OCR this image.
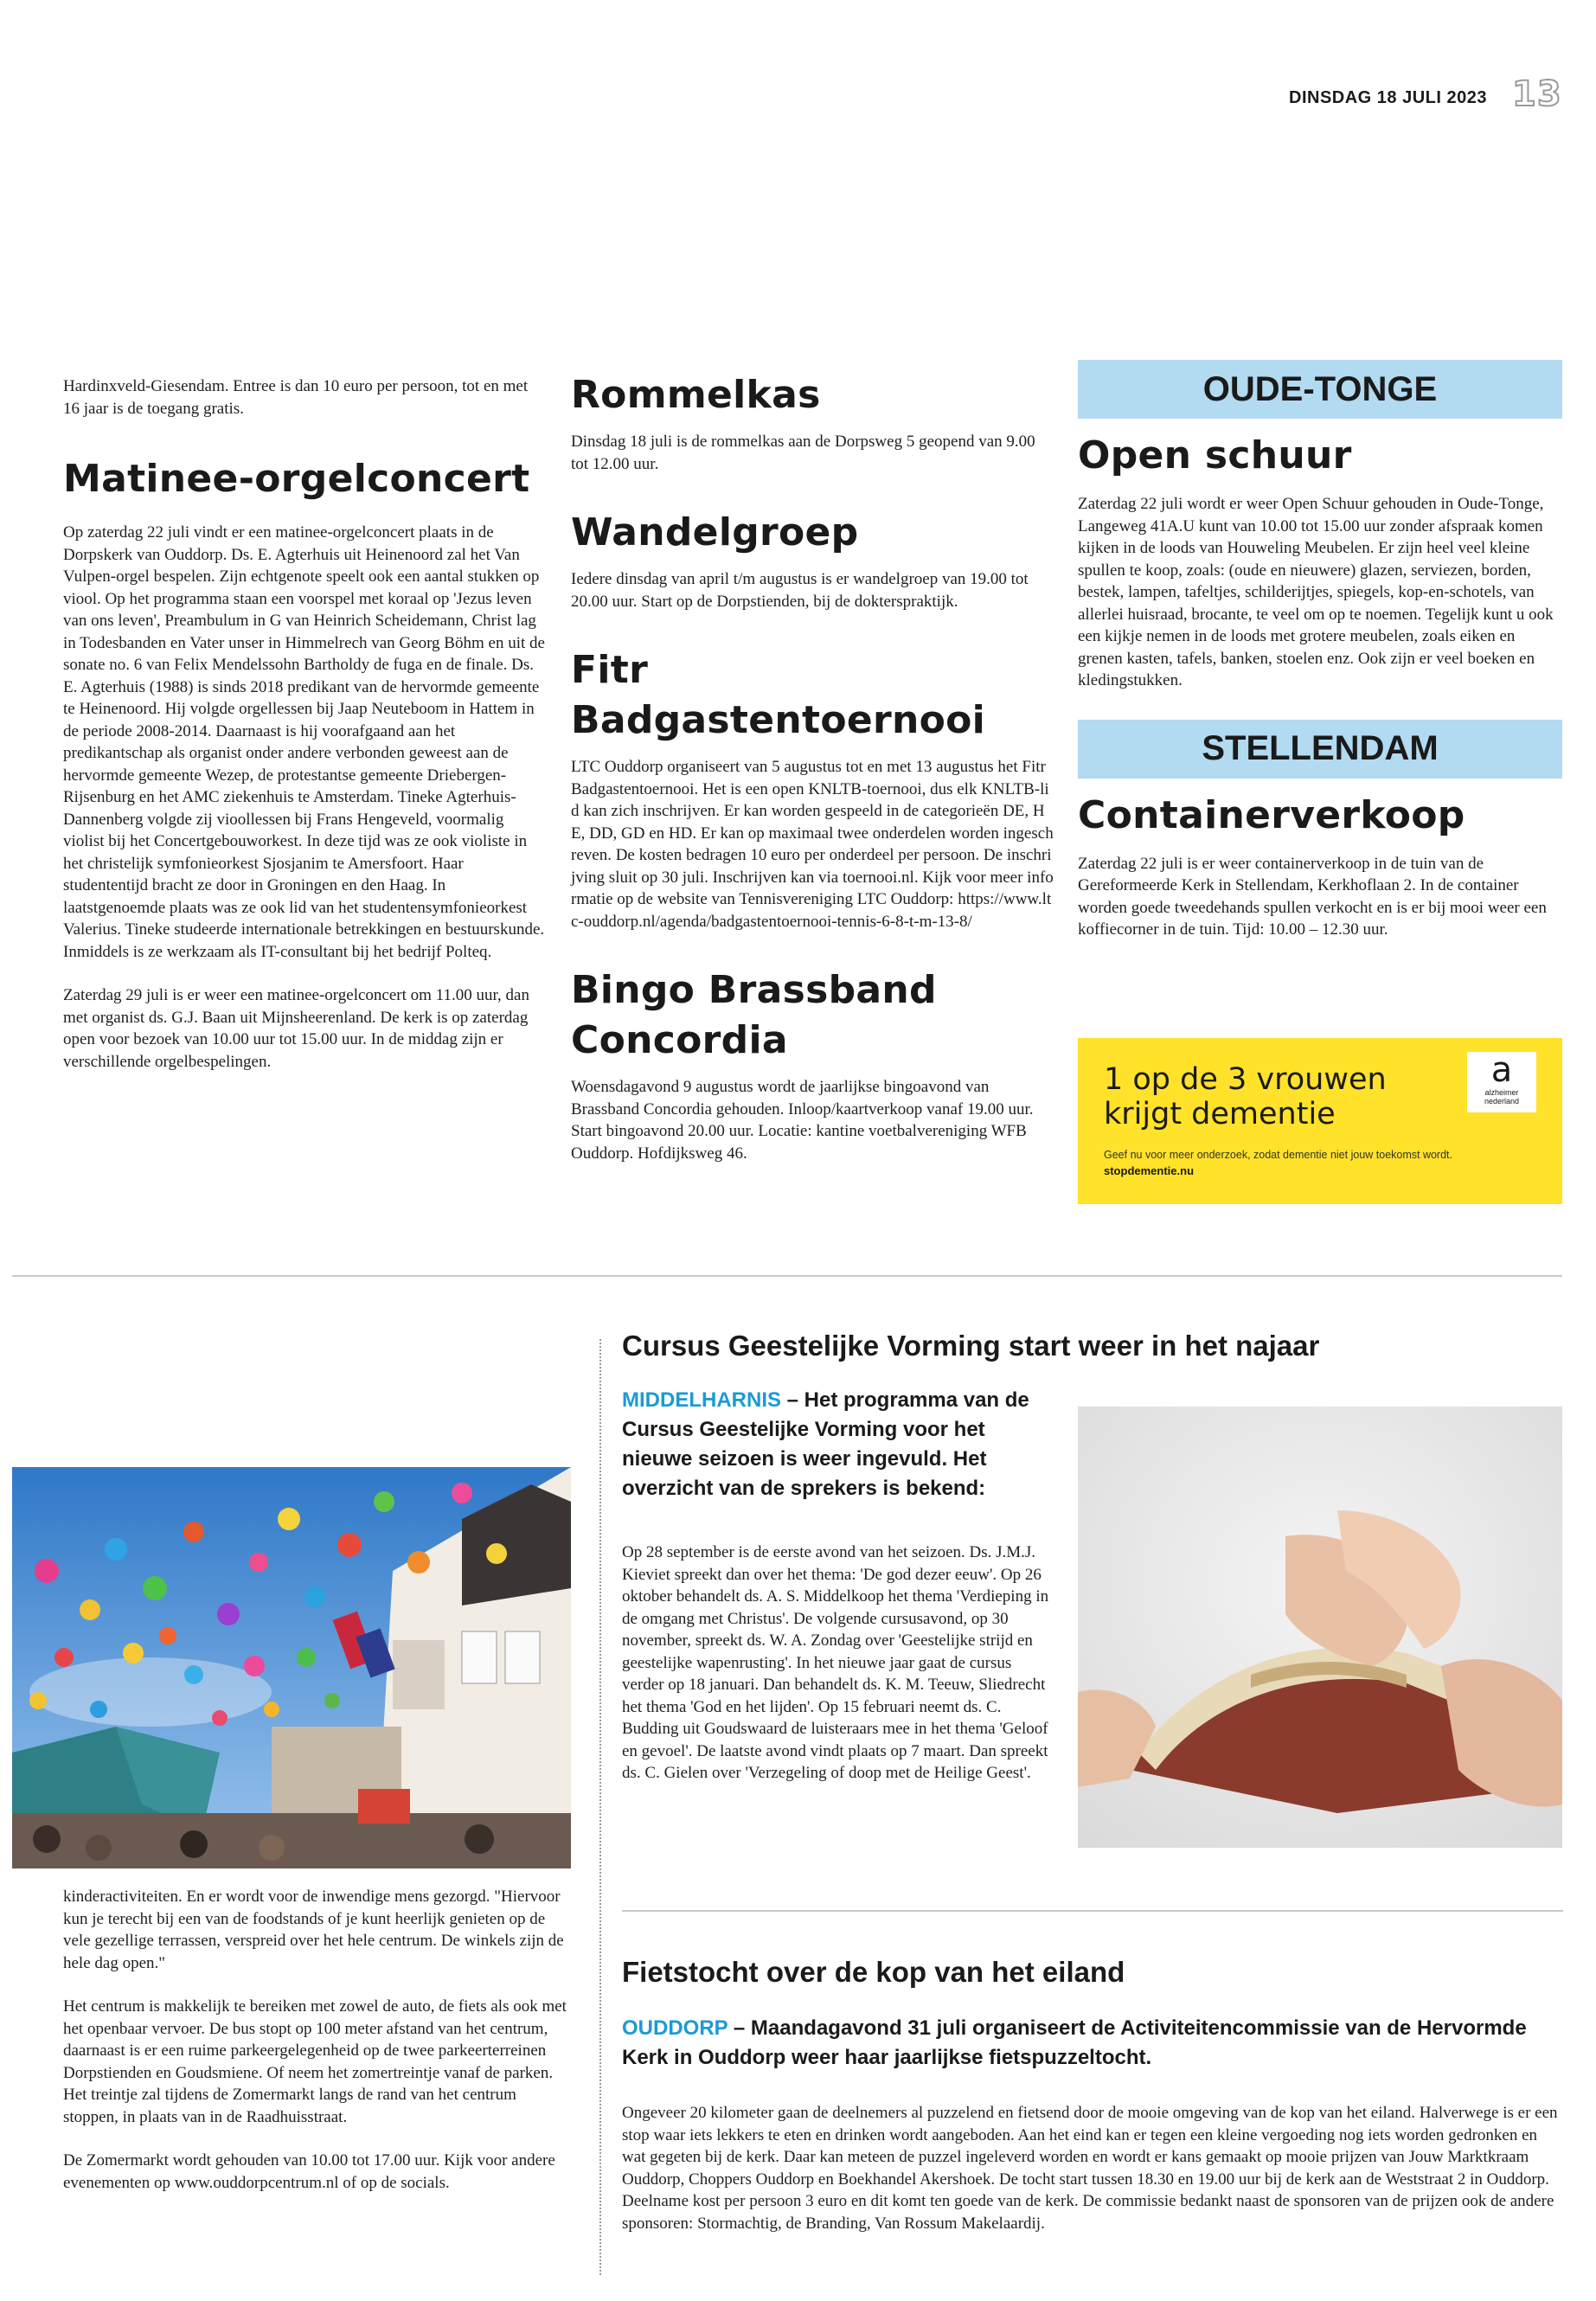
DINSDAG 18 JULI 2023 13

Hardinxveld-Giesendam. Entree is dan 10 euro per persoon, tot en met 16 jaar is de toegang gratis.

Matinee-orgelconcert

Op zaterdag 22 juli vindt er een matinee-orgelconcert plaats in de Dorpskerk van Ouddorp. Ds. E. Agterhuis uit Heinenoord zal het Van Vulpen-orgel bespelen. Zijn echtgenote speelt ook een aantal stukken op viool. Op het programma staan een voorspel met koraal op 'Jezus leven van ons leven', Preambulum in G van Heinrich Scheidemann, Christ lag in Todesbanden en Vater unser in Himmelrech van Georg Böhm en uit de sonate no. 6 van Felix Mendelssohn Bartholdy de fuga en de finale. Ds. E. Agterhuis (1988) is sinds 2018 predikant van de hervormde gemeente te Heinenoord. Hij volgde orgellessen bij Jaap Neuteboom in Hattem in de periode 2008-2014. Daarnaast is hij voorafgaand aan het predikantschap als organist onder andere verbonden geweest aan de hervormde gemeente Wezep, de protestantse gemeente Driebergen-Rijsenburg en het AMC ziekenhuis te Amsterdam. Tineke Agterhuis-Dannenberg volgde zij vioollessen bij Frans Hengeveld, voormalig violist bij het Concertgebouworkest. In deze tijd was ze ook violiste in het christelijk symfonieorkest Sjosjanim te Amersfoort. Haar studententijd bracht ze door in Groningen en den Haag. In laatstgenoemde plaats was ze ook lid van het studentensymfonieorkest Valerius. Tineke studeerde internationale betrekkingen en bestuurskunde. Inmiddels is ze werkzaam als IT-consultant bij het bedrijf Polteq.

Zaterdag 29 juli is er weer een matinee-orgelconcert om 11.00 uur, dan met organist ds. G.J. Baan uit Mijnsheerenland. De kerk is op zaterdag open voor bezoek van 10.00 uur tot 15.00 uur. In de middag zijn er verschillende orgelbespelingen.

Rommelkas

Dinsdag 18 juli is de rommelkas aan de Dorpsweg 5 geopend van 9.00 tot 12.00 uur.

Wandelgroep

Iedere dinsdag van april t/m augustus is er wandelgroep van 19.00 tot 20.00 uur. Start op de Dorpstienden, bij de dokterspraktijk.

Fitr Badgastentoernooi

LTC Ouddorp organiseert van 5 augustus tot en met 13 augustus het Fitr Badgastentoernooi. Het is een open KNLTB-toernooi, dus elk KNLTB-lid kan zich inschrijven. Er kan worden gespeeld in de categorieën DE, HE, DD, GD en HD. Er kan op maximaal twee onderdelen worden ingeschreven. De kosten bedragen 10 euro per onderdeel per persoon. De inschrijving sluit op 30 juli. Inschrijven kan via toernooi.nl. Kijk voor meer informatie op de website van Tennisvereniging LTC Ouddorp: https://www.ltc-ouddorp.nl/agenda/badgastentoernooi-tennis-6-8-t-m-13-8/

Bingo Brassband
Concordia

Woensdagavond 9 augustus wordt de jaarlijkse bingoavond van Brassband Concordia gehouden. Inloop/kaartverkoop vanaf 19.00 uur. Start bingoavond 20.00 uur. Locatie: kantine voetbalvereniging WFB Ouddorp. Hofdijksweg 46.

OUDE-TONGE
Open schuur

Zaterdag 22 juli wordt er weer Open Schuur gehouden in Oude-Tonge, Langeweg 41A.U kunt van 10.00 tot 15.00 uur zonder afspraak komen kijken in de loods van Houweling Meubelen. Er zijn heel veel kleine spullen te koop, zoals: (oude en nieuwere) glazen, serviezen, borden, bestek, lampen, tafeltjes, schilderijtjes, spiegels, kop-en-schotels, van allerlei huisraad, brocante, te veel om op te noemen. Tegelijk kunt u ook een kijkje nemen in de loods met grotere meubelen, zoals eiken en grenen kasten, tafels, banken, stoelen enz. Ook zijn er veel boeken en kledingstukken.

STELLENDAM
Containerverkoop

Zaterdag 22 juli is er weer containerverkoop in de tuin van de Gereformeerde Kerk in Stellendam, Kerkhoflaan 2. In de container worden goede tweedehands spullen verkocht en is er bij mooi weer een koffiecorner in de tuin. Tijd: 10.00 – 12.30 uur.

1 op de 3 vrouwen
krijgt dementie
a
alzheimer
nederland
Geef nu voor meer onderzoek, zodat dementie niet jouw toekomst wordt.
stopdementie.nu
Cursus Geestelijke Vorming start weer in het najaar

MIDDELHARNIS – Het programma van de Cursus Geestelijke Vorming voor het nieuwe seizoen is weer ingevuld. Het overzicht van de sprekers is bekend:

Op 28 september is de eerste avond van het seizoen. Ds. J.M.J. Kieviet spreekt dan over het thema: 'De god dezer eeuw'. Op 26 oktober behandelt ds. A. S. Middelkoop het thema 'Verdieping in de omgang met Christus'. De volgende cursusavond, op 30 november, spreekt ds. W. A. Zondag over 'Geestelijke strijd en geestelijke wapenrusting'. In het nieuwe jaar gaat de cursus verder op 18 januari. Dan behandelt ds. K. M. Teeuw, Sliedrecht het thema 'God en het lijden'. Op 15 februari neemt ds. C. Budding uit Goudswaard de luisteraars mee in het thema 'Geloof en gevoel'. De laatste avond vindt plaats op 7 maart. Dan spreekt ds. C. Gielen over 'Verzegeling of doop met de Heilige Geest'.

kinderactiviteiten. En er wordt voor de inwendige mens gezorgd. "Hiervoor kun je terecht bij een van de foodstands of je kunt heerlijk genieten op de vele gezellige terrassen, verspreid over het hele centrum. De winkels zijn de hele dag open."

Het centrum is makkelijk te bereiken met zowel de auto, de fiets als ook met het openbaar vervoer. De bus stopt op 100 meter afstand van het centrum, daarnaast is er een ruime parkeergelegenheid op de twee parkeerterreinen Dorpstienden en Goudsmiene. Of neem het zomertreintje vanaf de parken. Het treintje zal tijdens de Zomermarkt langs de rand van het centrum stoppen, in plaats van in de Raadhuisstraat.

De Zomermarkt wordt gehouden van 10.00 tot 17.00 uur. Kijk voor andere evenementen op www.ouddorpcentrum.nl of op de socials.

Fietstocht over de kop van het eiland

OUDDORP – Maandagavond 31 juli organiseert de Activiteitencommissie van de Hervormde Kerk in Ouddorp weer haar jaarlijkse fietspuzzeltocht.

Ongeveer 20 kilometer gaan de deelnemers al puzzelend en fietsend door de mooie omgeving van de kop van het eiland. Halverwege is er een stop waar iets lekkers te eten en drinken wordt aangeboden. Aan het eind kan er tegen een kleine vergoeding nog iets worden gedronken en wat gegeten bij de kerk. Daar kan meteen de puzzel ingeleverd worden en wordt er kans gemaakt op mooie prijzen van Jouw Marktkraam Ouddorp, Choppers Ouddorp en Boekhandel Akershoek. De tocht start tussen 18.30 en 19.00 uur bij de kerk aan de Weststraat 2 in Ouddorp. Deelname kost per persoon 3 euro en dit komt ten goede van de kerk. De commissie bedankt naast de sponsoren van de prijzen ook de andere sponsoren: Stormachtig, de Branding, Van Rossum Makelaardij.
